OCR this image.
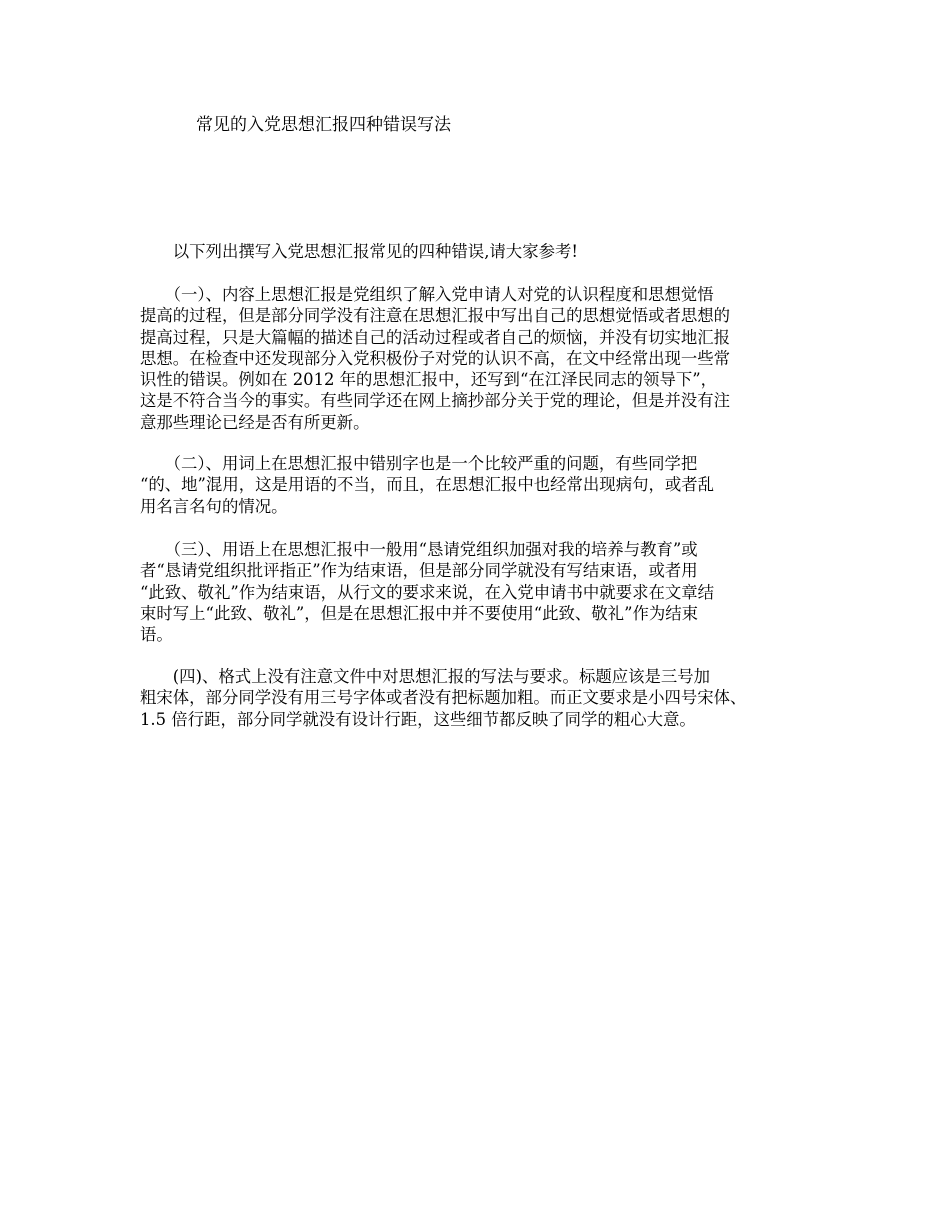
常见的入党思想汇报四种错误写法
　　以下列出撰写入党思想汇报常见的四种错误,请大家参考!
　　（一）、内容上思想汇报是党组织了解入党申请人对党的认识程度和思想觉悟
提高的过程，但是部分同学没有注意在思想汇报中写出自己的思想觉悟或者思想的
提高过程，只是大篇幅的描述自己的活动过程或者自己的烦恼，并没有切实地汇报
思想。在检查中还发现部分入党积极份子对党的认识不高，在文中经常出现一些常
识性的错误。例如在 2012 年的思想汇报中，还写到“在江泽民同志的领导下”，
这是不符合当今的事实。有些同学还在网上摘抄部分关于党的理论，但是并没有注
意那些理论已经是否有所更新。
　　（二）、用词上在思想汇报中错别字也是一个比较严重的问题，有些同学把
“的、地”混用，这是用语的不当，而且，在思想汇报中也经常出现病句，或者乱
用名言名句的情况。
　　（三）、用语上在思想汇报中一般用“恳请党组织加强对我的培养与教育”或
者“恳请党组织批评指正”作为结束语，但是部分同学就没有写结束语，或者用
“此致、敬礼”作为结束语，从行文的要求来说，在入党申请书中就要求在文章结
束时写上“此致、敬礼”，但是在思想汇报中并不要使用“此致、敬礼”作为结束
语。
　　(四)、格式上没有注意文件中对思想汇报的写法与要求。标题应该是三号加
粗宋体，部分同学没有用三号字体或者没有把标题加粗。而正文要求是小四号宋体、
1.5 倍行距，部分同学就没有设计行距，这些细节都反映了同学的粗心大意。
